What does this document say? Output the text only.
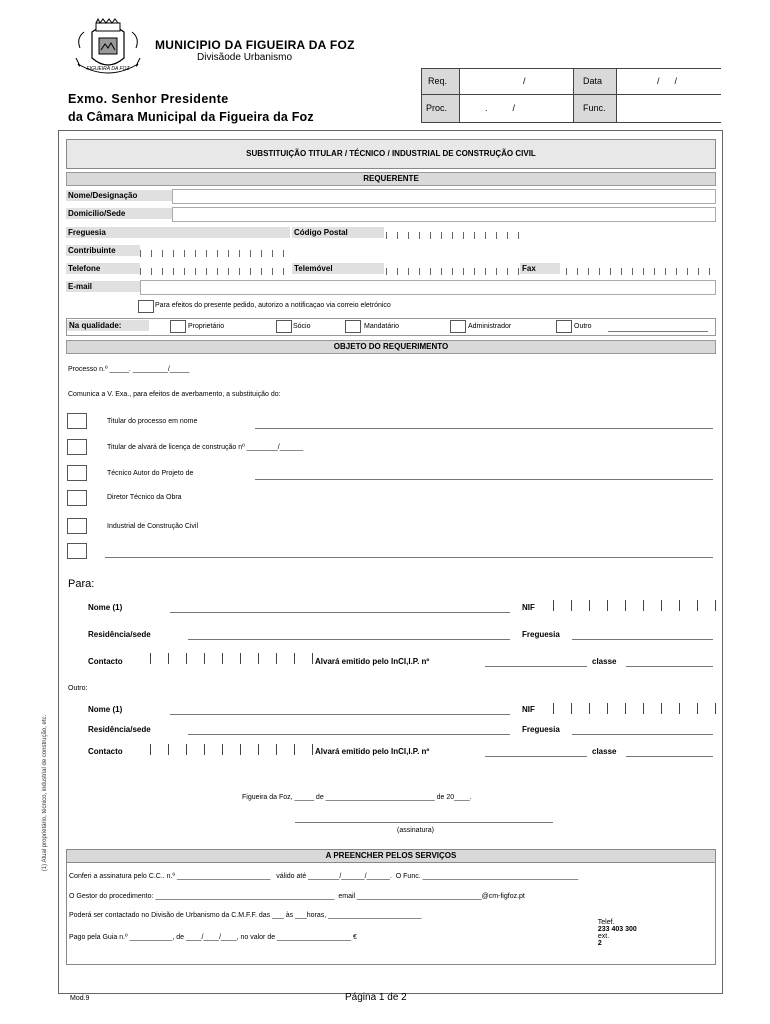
FIGUEIRA DA FOZ
MUNICIPIO DA FIGUEIRA DA FOZ
Divisãode Urbanismo
Exmo. Senhor Presidente
da Câmara Municipal da Figueira da Foz
Req.	/	Data	/      /
Proc.	.          /	Func.
SUBSTITUIÇÃO TITULAR / TÉCNICO / INDUSTRIAL DE CONSTRUÇÃO CIVIL
REQUERENTE
Nome/Designação
Domicilio/Sede
Freguesia	Código Postal
Contribuinte
Telefone	Telemóvel	Fax
E-mail
Para efeitos do presente pedido, autorizo a notificaçao via correio eletrónico
Na qualidade:	Proprietário	Sócio	Mandatário	Administrador	Outro
OBJETO DO REQUERIMENTO
Processo n.º _____. _________/_____
Comunica a V. Exa., para efeitos de averbamento, a substituição do:
Titular do processo em nome
Titular de alvará de licença de construção nº ________/______
Técnico Autor do Projeto de
Diretor Técnico da Obra
Industrial de Construção Civil
Para:
Nome (1)	NIF
Residência/sede	Freguesia
Contacto	Alvará emitido pelo InCI,I.P. nº	classe
Outro:
Nome (1)	NIF
Residência/sede	Freguesia
Contacto	Alvará emitido pelo InCI,I.P. nº	classe
Figueira da Foz, _____ de ____________________________ de 20____.
(assinatura)
A PREENCHER PELOS SERVIÇOS
Conferi a assinatura pelo C.C.. n.º ________________________   válido até ________/______/______.  O Func. ________________________________________
O Gestor do procedimento: ______________________________________________  email ________________________________@cm-figfoz.pt
Poderá ser contactado no Divisão de Urbanismo da C.M.F.F. das ___ às ___horas, ________________________

Telef.
233 403 300
ext.
2

Pago pela Guia n.º ___________, de ____/____/____, no valor de ___________________ €
(1) Atual proprietário, técnico, industrial de construção, etc.
Mod.9	Página 1 de 2
